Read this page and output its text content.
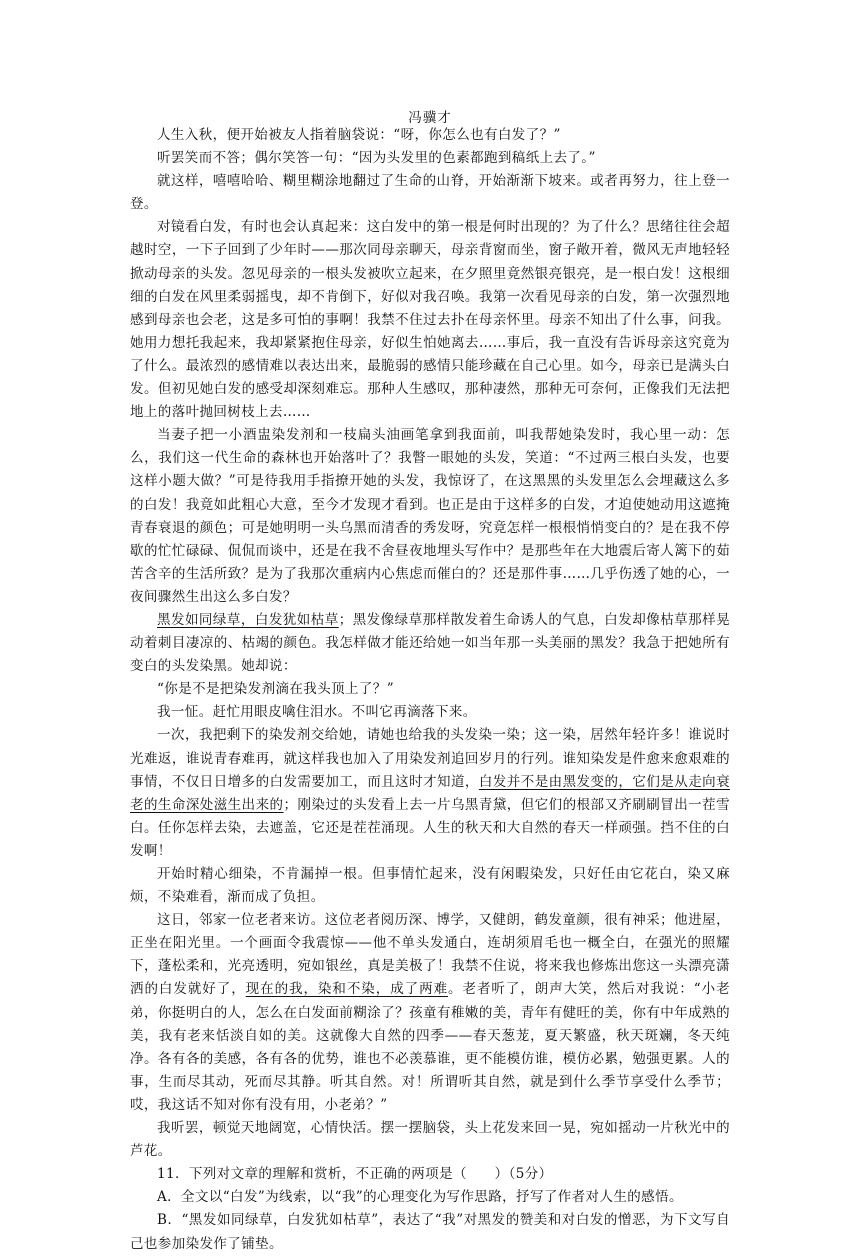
冯骥才

人生入秋，便开始被友人指着脑袋说：“呀，你怎么也有白发了？”

听罢笑而不答；偶尔笑答一句：“因为头发里的色素都跑到稿纸上去了。”

就这样，嘻嘻哈哈、糊里糊涂地翻过了生命的山脊，开始渐渐下坡来。或者再努力，往上登一登。

对镜看白发，有时也会认真起来：这白发中的第一根是何时出现的？为了什么？思绪往往会超越时空，一下子回到了少年时——那次同母亲聊天，母亲背窗而坐，窗子敞开着，微风无声地轻轻掀动母亲的头发。忽见母亲的一根头发被吹立起来，在夕照里竟然银亮银亮，是一根白发！这根细细的白发在风里柔弱摇曳，却不肯倒下，好似对我召唤。我第一次看见母亲的白发，第一次强烈地感到母亲也会老，这是多可怕的事啊！我禁不住过去扑在母亲怀里。母亲不知出了什么事，问我。她用力想托我起来，我却紧紧抱住母亲，好似生怕她离去……事后，我一直没有告诉母亲这究竟为了什么。最浓烈的感情难以表达出来，最脆弱的感情只能珍藏在自己心里。如今，母亲已是满头白发。但初见她白发的感受却深刻难忘。那种人生感叹，那种凄然，那种无可奈何，正像我们无法把地上的落叶抛回树枝上去……

当妻子把一小酒盅染发剂和一枝扁头油画笔拿到我面前，叫我帮她染发时，我心里一动：怎么，我们这一代生命的森林也开始落叶了？我瞥一眼她的头发，笑道：“不过两三根白头发，也要这样小题大做？”可是待我用手指撩开她的头发，我惊讶了，在这黑黑的头发里怎么会埋藏这么多的白发！我竟如此粗心大意，至今才发现才看到。也正是由于这样多的白发，才迫使她动用这遮掩青春衰退的颜色；可是她明明一头乌黑而清香的秀发呀，究竟怎样一根根悄悄变白的？是在我不停歇的忙忙碌碌、侃侃而谈中，还是在我不舍昼夜地埋头写作中？是那些年在大地震后寄人篱下的茹苦含辛的生活所致？是为了我那次重病内心焦虑而催白的？还是那件事……几乎伤透了她的心，一夜间骤然生出这么多白发？

黑发如同绿草，白发犹如枯草；黑发像绿草那样散发着生命诱人的气息，白发却像枯草那样晃动着刺目凄凉的、枯竭的颜色。我怎样做才能还给她一如当年那一头美丽的黑发？我急于把她所有变白的头发染黑。她却说：

“你是不是把染发剂滴在我头顶上了？”

我一怔。赶忙用眼皮噙住泪水。不叫它再滴落下来。

一次，我把剩下的染发剂交给她，请她也给我的头发染一染；这一染，居然年轻许多！谁说时光难返，谁说青春难再，就这样我也加入了用染发剂追回岁月的行列。谁知染发是件愈来愈艰难的事情，不仅日日增多的白发需要加工，而且这时才知道，白发并不是由黑发变的，它们是从走向衰老的生命深处滋生出来的；刚染过的头发看上去一片乌黑青黛，但它们的根部又齐刷刷冒出一茬雪白。任你怎样去染，去遮盖，它还是茬茬涌现。人生的秋天和大自然的春天一样顽强。挡不住的白发啊！

开始时精心细染，不肯漏掉一根。但事情忙起来，没有闲暇染发，只好任由它花白，染又麻烦，不染难看，渐而成了负担。

这日，邻家一位老者来访。这位老者阅历深、博学，又健朗，鹤发童颜，很有神采；他进屋，正坐在阳光里。一个画面令我震惊——他不单头发通白，连胡须眉毛也一概全白，在强光的照耀下，蓬松柔和，光亮透明，宛如银丝，真是美极了！我禁不住说，将来我也修炼出您这一头漂亮潇洒的白发就好了，现在的我，染和不染，成了两难。老者听了，朗声大笑，然后对我说：“小老弟，你挺明白的人，怎么在白发面前糊涂了？孩童有稚嫩的美，青年有健旺的美，你有中年成熟的美，我有老来恬淡自如的美。这就像大自然的四季——春天葱茏，夏天繁盛，秋天斑斓，冬天纯净。各有各的美感，各有各的优势，谁也不必羡慕谁，更不能模仿谁，模仿必累，勉强更累。人的事，生而尽其动，死而尽其静。听其自然。对！所谓听其自然，就是到什么季节享受什么季节；哎，我这话不知对你有没有用，小老弟？”

我听罢，顿觉天地阔宽，心情快活。摆一摆脑袋，头上花发来回一晃，宛如摇动一片秋光中的芦花。

11．下列对文章的理解和赏析，不正确的两项是（　　）（5分）

A．全文以“白发”为线索，以“我”的心理变化为写作思路，抒写了作者对人生的感悟。

B．“黑发如同绿草，白发犹如枯草”，表达了“我”对黑发的赞美和对白发的憎恶，为下文写自己也参加染发作了铺垫。
